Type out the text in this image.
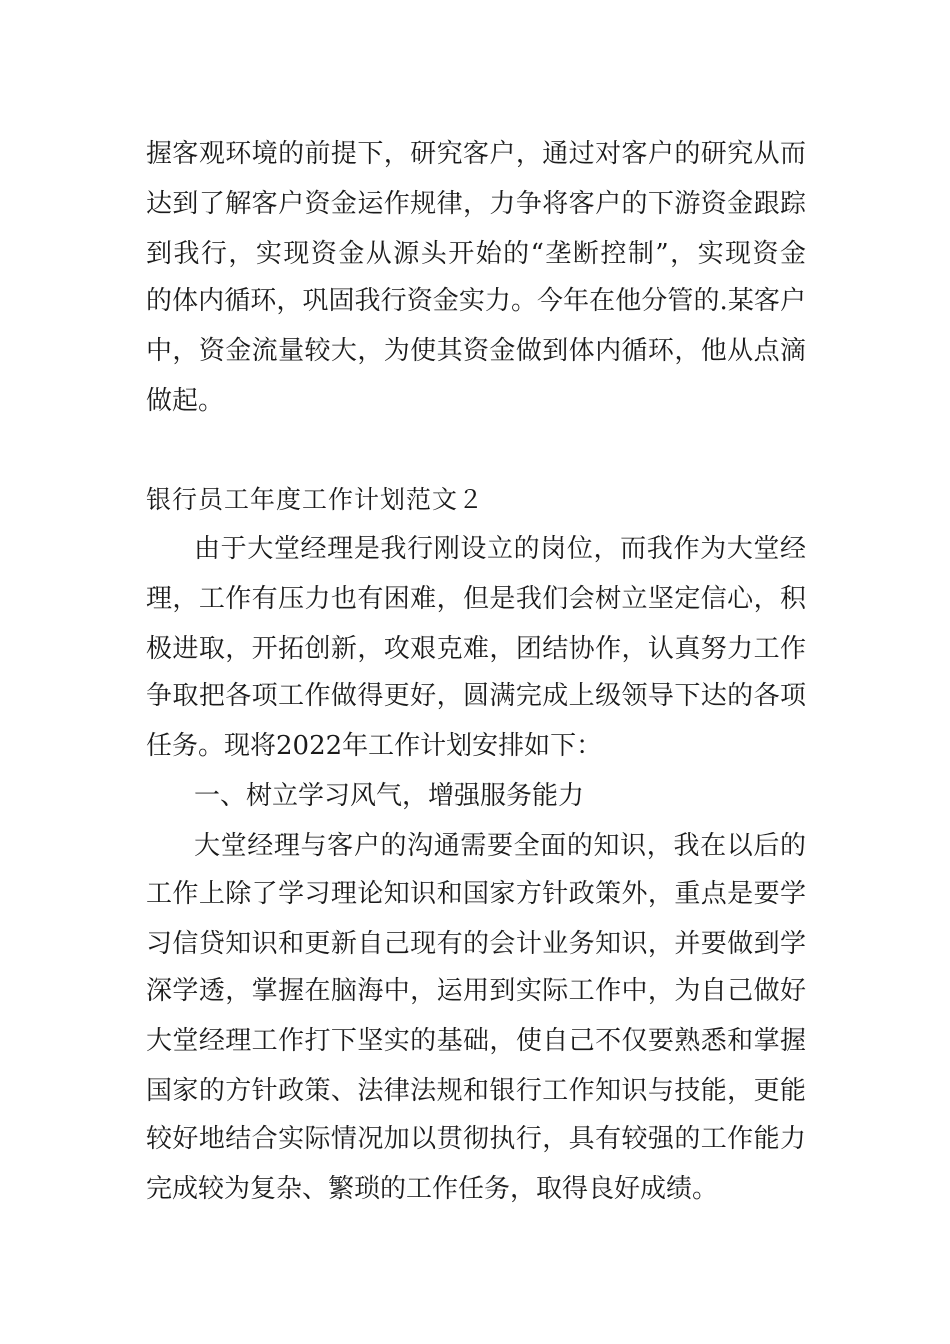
握客观环境的前提下，研究客户，通过对客户的研究从而
达到了解客户资金运作规律，力争将客户的下游资金跟踪
到我行，实现资金从源头开始的“垄断控制”，实现资金
的体内循环，巩固我行资金实力。今年在他分管的.某客户
中，资金流量较大，为使其资金做到体内循环，他从点滴
做起。
银行员工年度工作计划范文２
由于大堂经理是我行刚设立的岗位，而我作为大堂经
理，工作有压力也有困难，但是我们会树立坚定信心，积
极进取，开拓创新，攻艰克难，团结协作，认真努力工作
争取把各项工作做得更好，圆满完成上级领导下达的各项
任务。现将2022年工作计划安排如下：
一、树立学习风气，增强服务能力
大堂经理与客户的沟通需要全面的知识，我在以后的
工作上除了学习理论知识和国家方针政策外，重点是要学
习信贷知识和更新自己现有的会计业务知识，并要做到学
深学透，掌握在脑海中，运用到实际工作中，为自己做好
大堂经理工作打下坚实的基础，使自己不仅要熟悉和掌握
国家的方针政策、法律法规和银行工作知识与技能，更能
较好地结合实际情况加以贯彻执行，具有较强的工作能力
完成较为复杂、繁琐的工作任务，取得良好成绩。
